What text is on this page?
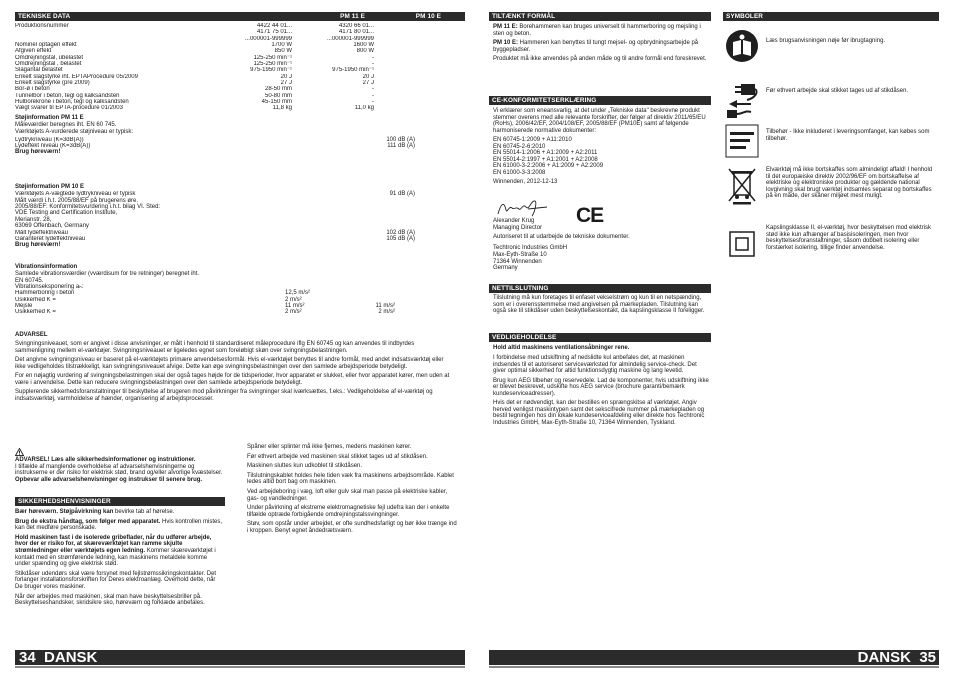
TEKNISKE DATA	PM 11 E	PM 10 E
Produktionsnummer	4422 44 01...	4320 66 01...
4171 75 01...	4171 80 01...
...000001-999999	...000001-999999
Nominel optagen effekt	1700 W	1600 W
Afgiven effekt	850 W	800 W
Omdrejningstal, ubelastet	125-250 min⁻¹	-
Omdrejningstal , belastet	125-250 min⁻¹	-
Slagantal belastet	975-1950 min⁻¹	975-1950 min⁻¹
Enkelt slagstyrke iht. EPTAProcedure 05/2009	20 J	20 J
Enkelt slagstyrke (pre 2009)	27 J	27 J
Bor-ø i beton	28-50 mm	-
Tunnelbor i beton, tegl og kalksandsten	50-80 mm	-
Hulborekrone i beton, tegl og kalksandsten	45-150 mm	-
Vægt svarer til EPTA-procedure 01/2003	11,8 kg	11,0 kg
Støjinformation PM 11 E
Måleværdier beregnes iht. EN 60 745.
Værktøjets A-vurderede støjniveau er typisk:
Lydtrykniveau (K=3dB(A))	100 dB (A)
Lydeffekt niveau (K=3dB(A))	111 dB (A)
Brug høreværn!
Støjinformation PM 10 E
Værktøjets A-vægtede lydtrykniveau er typisk	91 dB (A)
Målt værdi i.h.t. 2005/88/EF på brugerens øre.
2005/88/EF: Konformitetsvurdering i.h.t. bilag VI. Sted:
VDE Testing and Certification Institute,
Merianstr. 28,
63069 Offenbach, Germany
Målt lydeffektniveau	102 dB (A)
Garanteret lydeffektniveau	105 dB (A)
Brug høreværn!
Vibrationsinformation
Samlede vibrationsværdier (vværdisum for tre retninger) beregnet iht.
EN 60745.
Vibrationseksponering aₕ:
Hammerboring i beton	12,5 m/s²
Usikkerhed K =	2 m/s²
Mejsle	11 m/s²	11 m/s²
Usikkerhed K =	2 m/s²	2 m/s²
ADVARSEL
Svingningsniveauet, som er angivet i disse anvisninger, er målt i henhold til standardiseret måleprocedure iflg EN 60745 og kan anvendes til indbyrdes sammenligning mellem el-værktøjer. Svingningsniveauet er ligeledes egnet som foreløbigt skøn over svingningsbelastningen.
Det angivne svingningsniveau er baseret på el-værktøjets primære anvendelsesformål. Hvis el-værktøjet benyttes til andre formål, med andet indsatsværktøj eller ikke vedligeholdes tilstrækkeligt, kan svingningsniveauet afvige. Dette kan øge svingningsbelastningen over den samlede arbejdsperiode betydeligt.
For en nøjagtig vurdering af svingningsbelastningen skal der også tages højde for de tidsperioder, hvor apparatet er slukket, eller hvor apparatet kører, men uden at være i anvendelse. Dette kan reducere svingningsbelastningen over den samlede arbejdsperiode betydeligt.
Supplerende sikkerhedsforanstaltninger til beskyttelse af brugeren mod påvirkninger fra svingninger skal iværksættes, f.eks.: Vedligeholdelse af el-værktøj og indsatsværktøj, varmholdelse af hænder, organisering af arbejdsprocesser.

ADVARSEL! Læs alle sikkerhedsinformationer og instruktioner.
I tilfælde af manglende overholdelse af advarselshenvisningerne og instrukserne er der risiko for elektrisk stød, brand og/eller alvorlige kvæstelser.

Opbevar alle advarselshenvisninger og instrukser til senere brug.
SIKKERHEDSHENVISNINGER
Bær høreværn. Støjpåvirkning kan bevirke tab af hørelse.
Brug de ekstra håndtag, som følger med apparatet. Hvis kontrollen mistes, kan det medføre personskade.
Hold maskinen fast i de isolerede gribeflader, når du udfører arbejde, hvor der er risiko for, at skæreværktøjet kan ramme skjulte strømledninger eller værktøjets egen ledning. Kommer skæreværktøjet i kontakt med en strømførende ledning, kan maskinens metaldele komme under spænding og give elektrisk stød.
Stikdåser udendørs skal være forsynet med fejlstrømssikringskontakter. Det forlanger installationsforskriften for Deres elektroanlæg. Overhold dette, når De bruger vores maskiner.
Når der arbejdes med maskinen, skal man have beskyttelsesbriller på. Beskyttelseshandsker, skridsikre sko, høreværn og forklæde anbefales.
Spåner eller splinter må ikke fjernes, medens maskinen kører.
Før ethvert arbejde ved maskinen skal stikket tages ud af stikdåsen.
Maskinen sluttes kun udkoblet til stikdåsen.
Tilslutningskablet holdes hele tiden væk fra maskinens arbejdsområde. Kablet ledes altid bort bag om maskinen.
Ved arbejdeboring i væg, loft eller gulv skal man passe på elektriske kabler, gas- og vandledninger.
Under påvirkning af ekstreme elektromagnetiske fejl udefra kan der i enkelte tilfælde optræde forbigående omdrejningstalssvingninger.
Støv, som opstår under arbejdet, er ofte sundhedsfarligt og bør ikke trænge ind i kroppen. Benyt egnet åndedrætsværn.
34 DANSK
TILTÆNKT FORMÅL
PM 11 E: Borehammeren kan bruges universelt til hammerboring og mejsling i sten og beton.
PM 10 E: Hammeren kan benyttes til tungt mejsel- og opbrydningsarbejde på byggepladser.
Produktet må ikke anvendes på anden måde og til andre formål end foreskrevet.
CE-KONFORMITETSERKLÆRING
Vi erklærer som eneansvarlig, at det under „Tekniske data" beskrevne produkt stemmer overens med alle relevante forskrifter, der følger af direktiv 2011/65/EU (RoHs), 2006/42/EF, 2004/108/EF, 2005/88/EF (PM10E) samt af følgende harmoniserede normative dokumenter:
EN 60745-1:2009 + A11:2010
EN 60745-2-6:2010
EN 55014-1:2006 + A1:2009 + A2:2011
EN 55014-2:1997 + A1:2001 + A2:2008
EN 61000-3-2:2006 + A1:2009 + A2:2009
EN 61000-3-3:2008
Winnenden, 2012-12-13
Alexander Krug
Managing Director
CE
Autoriseret til at udarbejde de tekniske dokumenter.
Techtronic Industries GmbH
Max-Eyth-Straße 10
71364 Winnenden
Germany
NETTILSLUTNING
Tilslutning må kun foretages til enfaset vekselstrøm og kun til en netspænding, som er i overensstemmelse med angivelsen på mærkepladen. Tilslutning kan også ske til stikdåser uden beskyttelseskontakt, da kapslingsklasse II foreligger.
VEDLIGEHOLDELSE
Hold altid maskinens ventilationsåbninger rene.
I forbindelse med udskiftning af nedslidte kul anbefales det, at maskinen indsendes til et autoriseret serviceværksted for almindelig service-check. Det giver optimal sikkerhed for altid funktionsdygtig maskine og lang levetid.
Brug kun AEG tilbehør og reservedele. Lad de komponenter, hvis udskiftning ikke er blevet beskrevet, udskifte hos AEG service (brochure garanti/bemærk kundeserviceadresser).
Hvis det er nødvendigt, kan der bestilles en sprængskitse af værktøjet. Angiv herved venligst maskintypen samt det sekscifrede nummer på mærkepladen og bestil tegningen hos din lokale kundeserviceafdeling eller direkte hos Techtronic Industries GmbH, Max-Eyth-Straße 10, 71364 Winnenden, Tyskland.
SYMBOLER
Læs brugsanvisningen nøje før ibrugtagning.
Før ethvert arbejde skal stikket tages ud af stikdåsen.
Tilbehør - Ikke inkluderet i leveringsomfanget, kan købes som tilbehør.
Elværktøj må ikke bortskaffes som almindeligt affald! I henhold til det europæiske direktiv 2002/96/EF om bortskaffelse af elektriske og elektroniske produkter og gældende national lovgivning skal brugt værktøj indsamles separat og bortskaffes på en måde, der skåner miljøet mest muligt.
Kapslingsklasse II, el-værktøj, hvor beskyttelsen mod elektrisk stød ikke kun afhænger af basisisoleringen, men hvor beskyttelsesforanstaltninger, såsom dobbelt isolering eller forstærket isolering, tillige finder anvendelse.
DANSK 35
